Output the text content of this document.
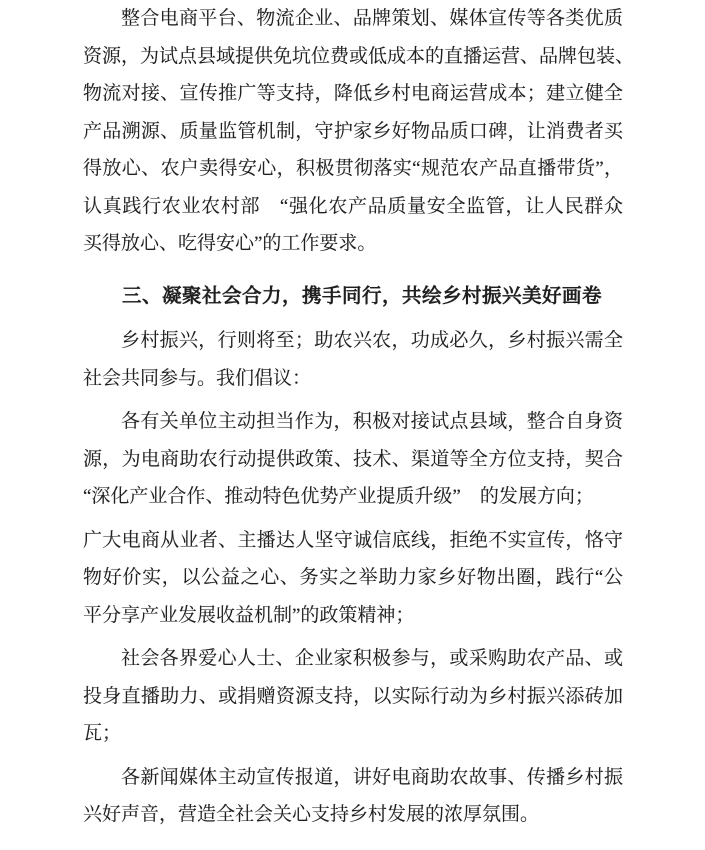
整合电商平台、物流企业、品牌策划、媒体宣传等各类优质
资源，为试点县域提供免坑位费或低成本的直播运营、品牌包装、
物流对接、宣传推广等支持，降低乡村电商运营成本；建立健全
产品溯源、质量监管机制，守护家乡好物品质口碑，让消费者买
得放心、农户卖得安心，积极贯彻落实“规范农产品直播带货”，
认真践行农业农村部　“强化农产品质量安全监管，让人民群众
买得放心、吃得安心”的工作要求。
三、凝聚社会合力，携手同行，共绘乡村振兴美好画卷
乡村振兴，行则将至；助农兴农，功成必久，乡村振兴需全
社会共同参与。我们倡议：
各有关单位主动担当作为，积极对接试点县域，整合自身资
源，为电商助农行动提供政策、技术、渠道等全方位支持，契合
“深化产业合作、推动特色优势产业提质升级”　的发展方向；
广大电商从业者、主播达人坚守诚信底线，拒绝不实宣传，恪守
物好价实，以公益之心、务实之举助力家乡好物出圈，践行“公
平分享产业发展收益机制”的政策精神；
社会各界爱心人士、企业家积极参与，或采购助农产品、或
投身直播助力、或捐赠资源支持，以实际行动为乡村振兴添砖加
瓦；
各新闻媒体主动宣传报道，讲好电商助农故事、传播乡村振
兴好声音，营造全社会关心支持乡村发展的浓厚氛围。
